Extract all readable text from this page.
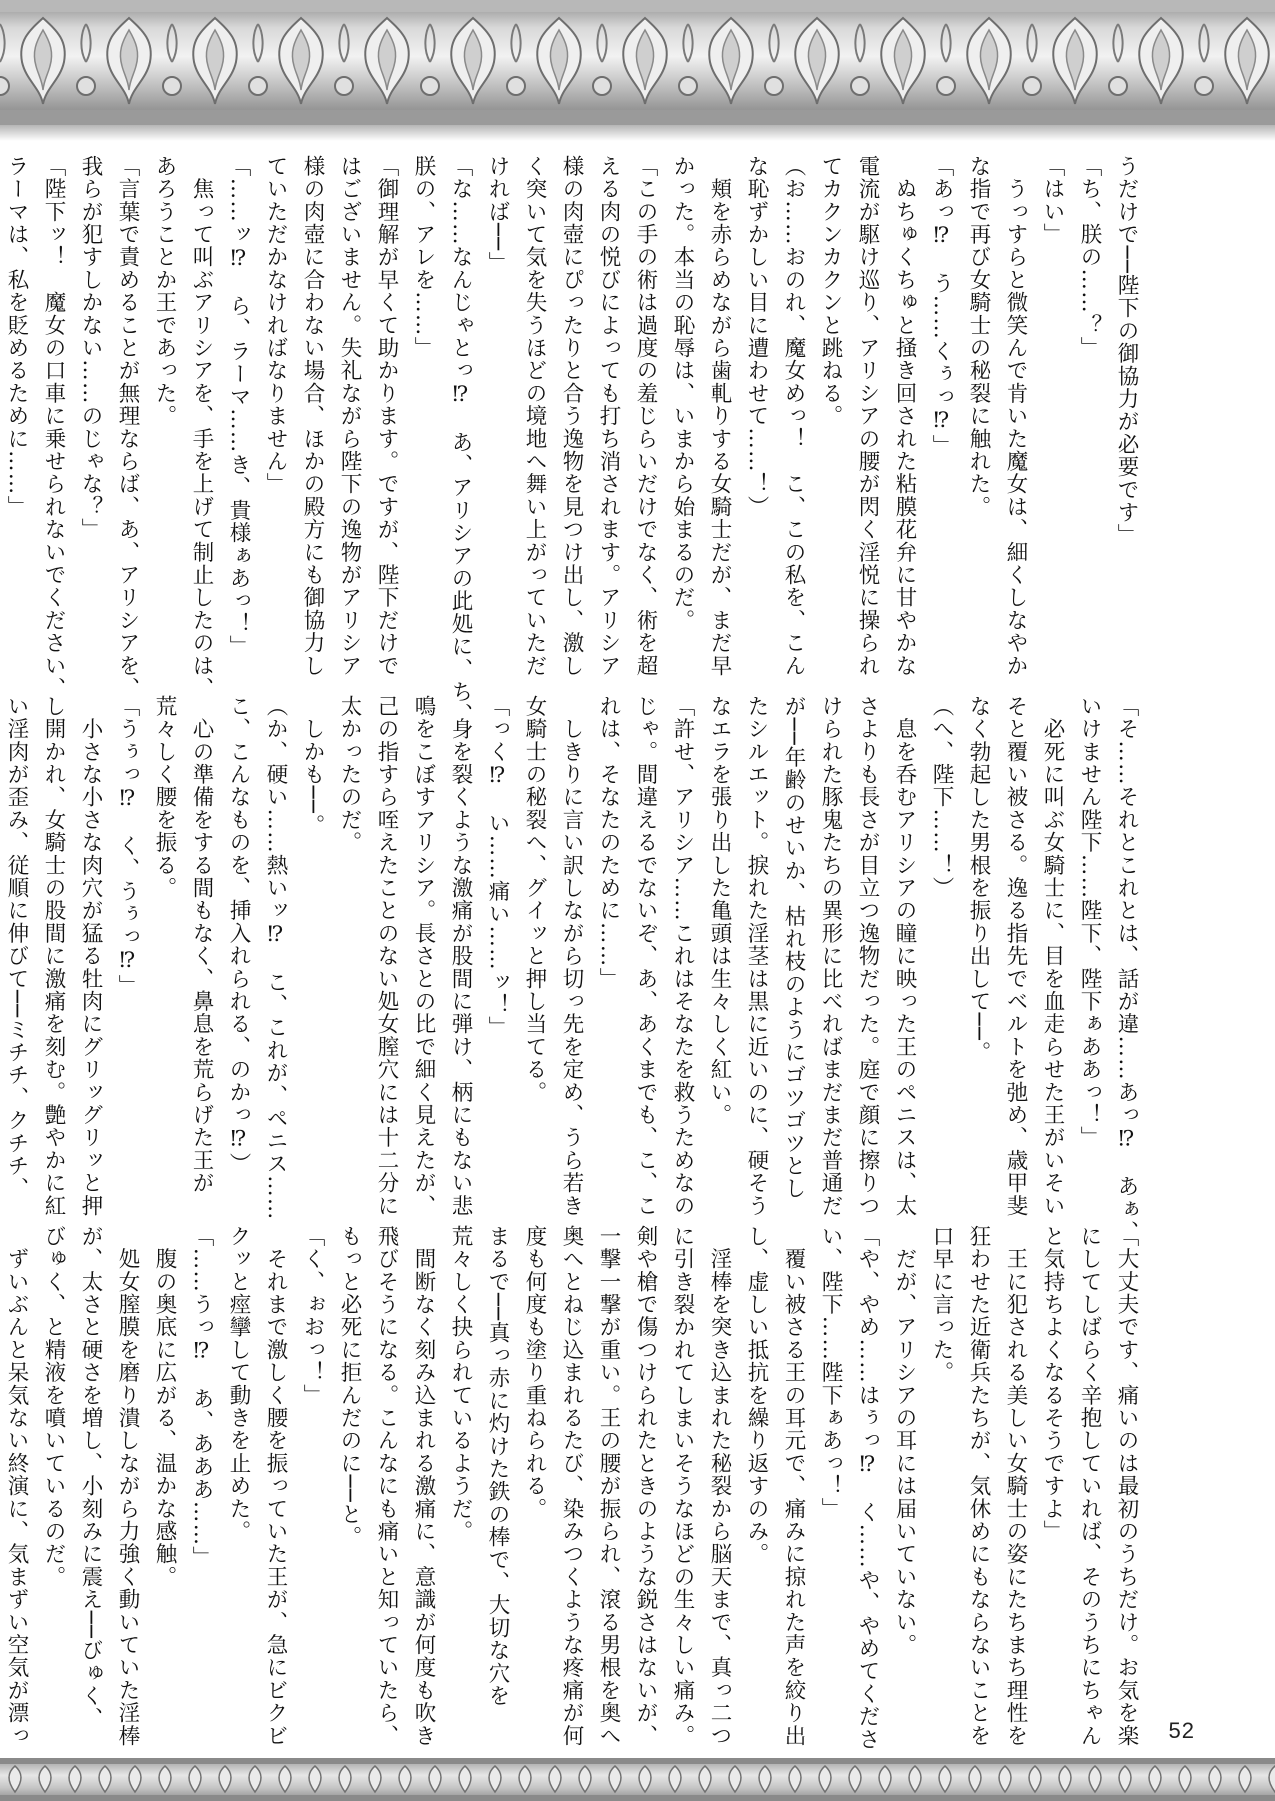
うだけで──陛下の御協力が必要です」

「ち、朕の……？」

「はい」

　うっすらと微笑んで肯いた魔女は、細くしなやか

な指で再び女騎士の秘裂に触れた。

「あっ⁉　う……くぅっ⁉」

　ぬちゅくちゅと掻き回された粘膜花弁に甘やかな

電流が駆け巡り、アリシアの腰が閃く淫悦に操られ

てカクンカクンと跳ねる。

（お……おのれ、魔女めっ！　こ、この私を、こん

な恥ずかしい目に遭わせて……！）

　頬を赤らめながら歯軋りする女騎士だが、まだ早

かった。本当の恥辱は、いまから始まるのだ。

「この手の術は過度の羞じらいだけでなく、術を超

える肉の悦びによっても打ち消されます。アリシア

様の肉壺にぴったりと合う逸物を見つけ出し、激し

く突いて気を失うほどの境地へ舞い上がっていただ

ければ──」

「な……なんじゃとっ⁉　あ、アリシアの此処に、ち、

朕の、アレを……」

「御理解が早くて助かります。ですが、陛下だけで

はございません。失礼ながら陛下の逸物がアリシア

様の肉壺に合わない場合、ほかの殿方にも御協力し

ていただかなければなりません」

「……ッ⁉　ら、ラーマ……き、貴様ぁあっ！」

　焦って叫ぶアリシアを、手を上げて制止したのは、

あろうことか王であった。

「言葉で責めることが無理ならば、あ、アリシアを、

我らが犯すしかない……のじゃな？」

「陛下ッ！　魔女の口車に乗せられないでください、

ラーマは、私を貶めるために……」

「そ……それとこれとは、話が違……あっ⁉　あぁ、

いけません陛下……陛下、陛下ぁああっ！」

　必死に叫ぶ女騎士に、目を血走らせた王がいそい

そと覆い被さる。逸る指先でベルトを弛め、歳甲斐

なく勃起した男根を振り出して──。

（へ、陛下……！）

　息を呑むアリシアの瞳に映った王のペニスは、太

さよりも長さが目立つ逸物だった。庭で顔に擦りつ

けられた豚鬼たちの異形に比べればまだまだ普通だ

が──年齢のせいか、枯れ枝のようにゴツゴツとし

たシルエット。捩れた淫茎は黒に近いのに、硬そう

なエラを張り出した亀頭は生々しく紅い。

「許せ、アリシア……これはそなたを救うためなの

じゃ。間違えるでないぞ、あ、あくまでも、こ、こ

れは、そなたのために……」

　しきりに言い訳しながら切っ先を定め、うら若き

女騎士の秘裂へ、グイッと押し当てる。

「っく⁉　い……痛い……ッ！」

　身を裂くような激痛が股間に弾け、柄にもない悲

鳴をこぼすアリシア。長さとの比で細く見えたが、

己の指すら咥えたことのない処女膣穴には十二分に

太かったのだ。

　しかも──。

（か、硬い……熱いッ⁉　こ、これが、ペニス……

こ、こんなものを、挿入れられる、のかっ⁉）

　心の準備をする間もなく、鼻息を荒らげた王が

荒々しく腰を振る。

「うぅっ⁉　く、うぅっ⁉」

　小さな小さな肉穴が猛る牡肉にグリッグリッと押

し開かれ、女騎士の股間に激痛を刻む。艶やかに紅

い淫肉が歪み、従順に伸びて──ミチチ、クチチ、

「大丈夫です、痛いのは最初のうちだけ。お気を楽

にしてしばらく辛抱していれば、そのうちにちゃん

と気持ちよくなるそうですよ」

　王に犯される美しい女騎士の姿にたちまち理性を

狂わせた近衛兵たちが、気休めにもならないことを

口早に言った。

　だが、アリシアの耳には届いていない。

「や、やめ……はぅっ⁉　く……や、やめてくださ

い、陛下……陛下ぁあっ！」

　覆い被さる王の耳元で、痛みに掠れた声を絞り出

し、虚しい抵抗を繰り返すのみ。

　淫棒を突き込まれた秘裂から脳天まで、真っ二つ

に引き裂かれてしまいそうなほどの生々しい痛み。

剣や槍で傷つけられたときのような鋭さはないが、

一撃一撃が重い。王の腰が振られ、滾る男根を奥へ

奥へとねじ込まれるたび、染みつくような疼痛が何

度も何度も塗り重ねられる。

まるで──真っ赤に灼けた鉄の棒で、大切な穴を

荒々しく抉られているようだ。

　間断なく刻み込まれる激痛に、意識が何度も吹き

飛びそうになる。こんなにも痛いと知っていたら、

もっと必死に拒んだのに──と。

「く、ぉおっ！」

　それまで激しく腰を振っていた王が、急にビクビ

クッと痙攣して動きを止めた。

「……うっ⁉　あ、あああ……」

　腹の奥底に広がる、温かな感触。

　処女膣膜を磨り潰しながら力強く動いていた淫棒

が、太さと硬さを増し、小刻みに震え──びゅく、

びゅく、と精液を噴いているのだ。

　ずいぶんと呆気ない終演に、気まずい空気が漂っ	52
